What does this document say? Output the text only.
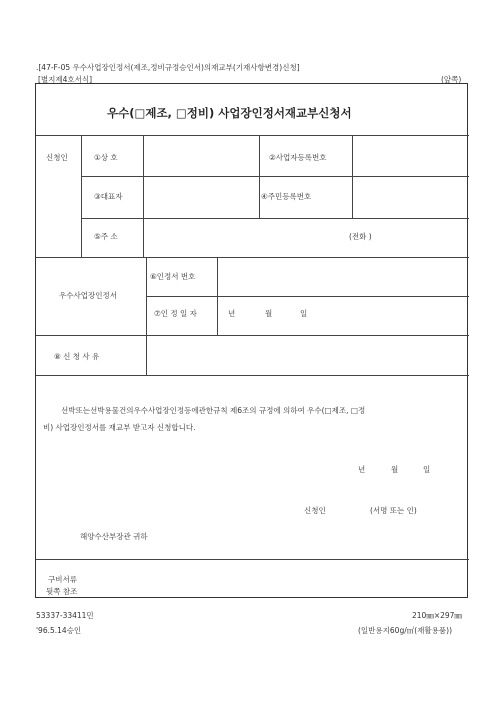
.[47-F-05 우수사업장인정서(제조,정비규정승인서)의재교부(기재사항변경)신청]
[별지제4호서식]	(앞쪽)
우수(□제조, □정비) 사업장인정서재교부신청서
신청인	①상 호	②사업자등록번호
③대표자	④주민등록번호
⑤주 소	(전화 )
우수사업장인정서
⑥인정서 번호
⑦인 정 일 자	년	월	일
⑧ 신 청 사 유
선박또는선박용물건의우수사업장인정등에관한규칙 제6조의 규정에 의하여 우수(□제조, □정
비) 사업장인정서를 재교부 받고자 신청합니다.
년	월	일
신청인	(서명 또는 인)
해양수산부장관 귀하
구비서류
뒷쪽 참조
53337-33411민	210㎜×297㎜
'96.5.14승인	(일반용지60g/㎡(재활용품))
